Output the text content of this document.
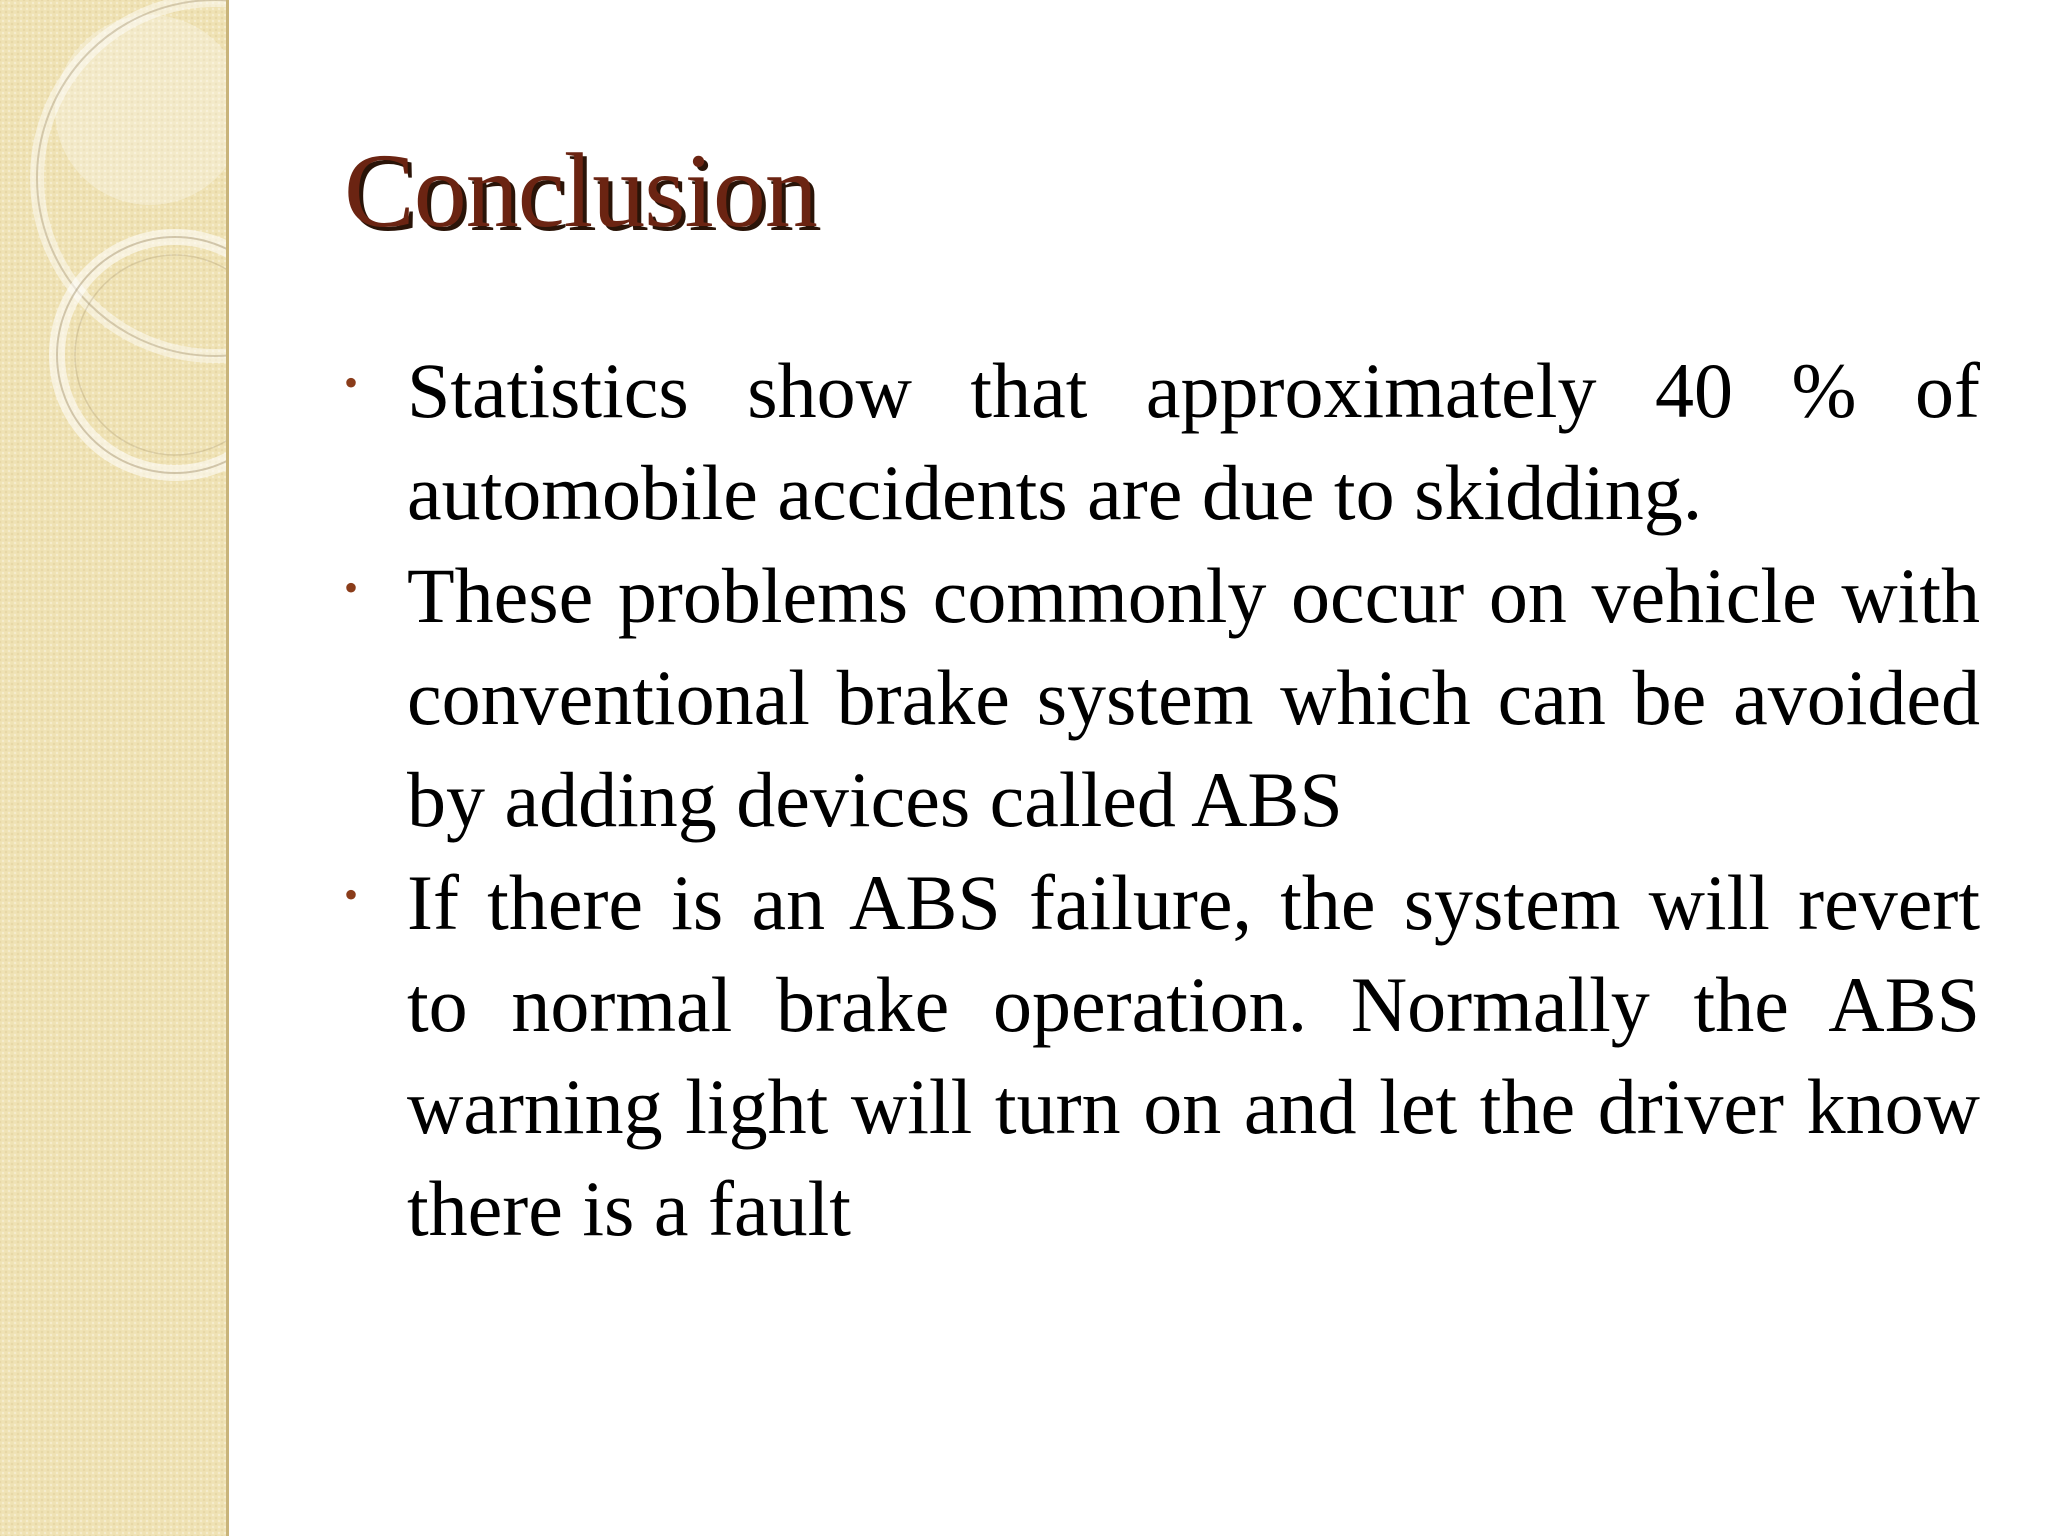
Conclusion

• Statistics show that approximately 40 % of automobile accidents are due to skidding.

• These problems commonly occur on vehicle with conventional brake system which can be avoided by adding devices called ABS

• If there is an ABS failure, the system will revert to normal brake operation. Normally the ABS warning light will turn on and let the driver know there is a fault
